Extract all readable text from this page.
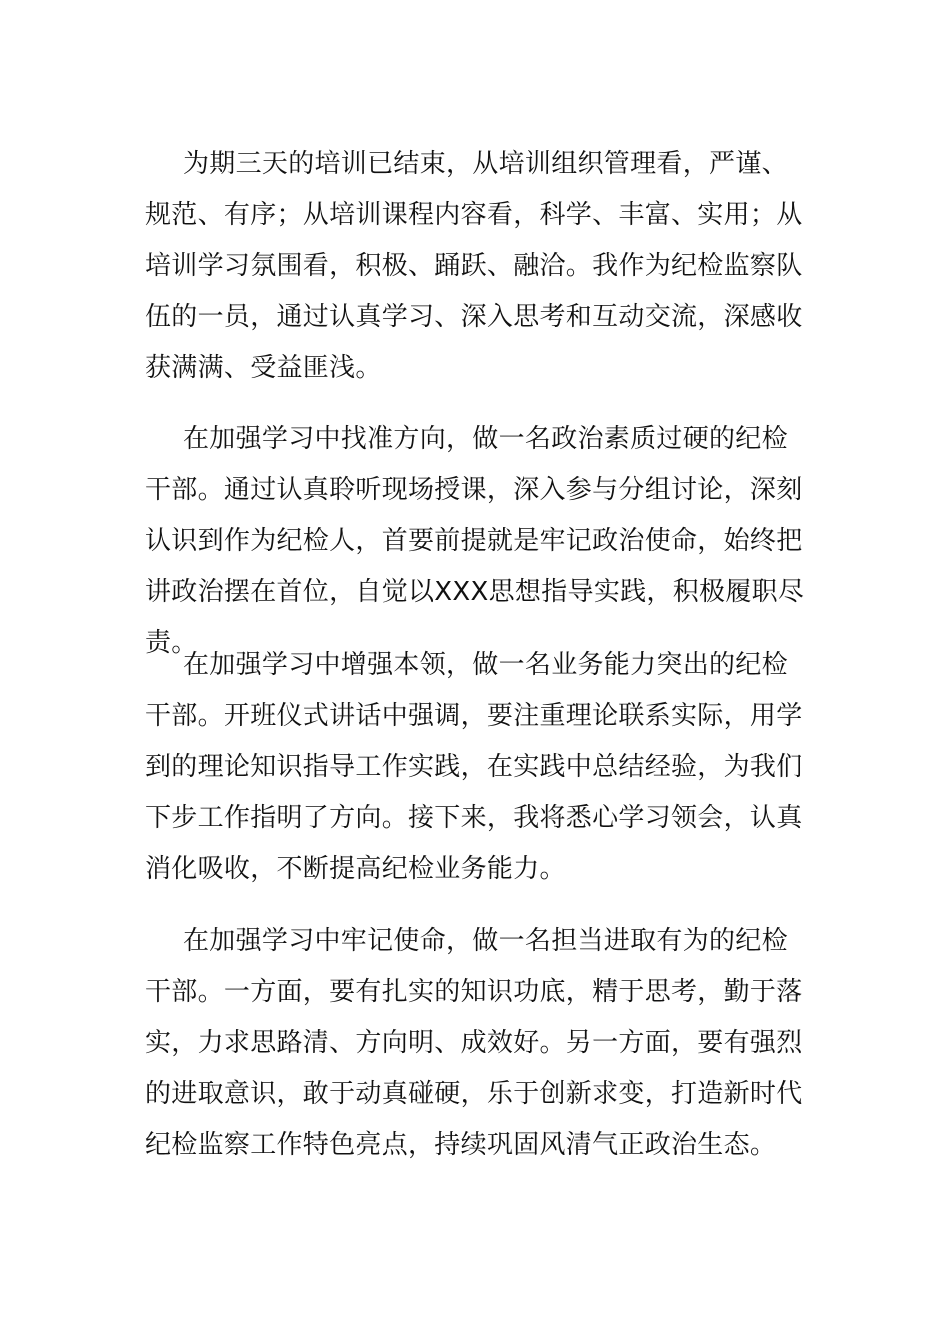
为期三天的培训已结束，从培训组织管理看，严谨、规范、有序；从培训课程内容看，科学、丰富、实用；从培训学习氛围看，积极、踊跃、融洽。我作为纪检监察队伍的一员，通过认真学习、深入思考和互动交流，深感收获满满、受益匪浅。

在加强学习中找准方向，做一名政治素质过硬的纪检干部。通过认真聆听现场授课，深入参与分组讨论，深刻认识到作为纪检人，首要前提就是牢记政治使命，始终把讲政治摆在首位，自觉以XXX思想指导实践，积极履职尽责。

在加强学习中增强本领，做一名业务能力突出的纪检干部。开班仪式讲话中强调，要注重理论联系实际，用学到的理论知识指导工作实践，在实践中总结经验，为我们下步工作指明了方向。接下来，我将悉心学习领会，认真消化吸收，不断提高纪检业务能力。

在加强学习中牢记使命，做一名担当进取有为的纪检干部。一方面，要有扎实的知识功底，精于思考，勤于落实，力求思路清、方向明、成效好。另一方面，要有强烈的进取意识，敢于动真碰硬，乐于创新求变，打造新时代纪检监察工作特色亮点，持续巩固风清气正政治生态。
